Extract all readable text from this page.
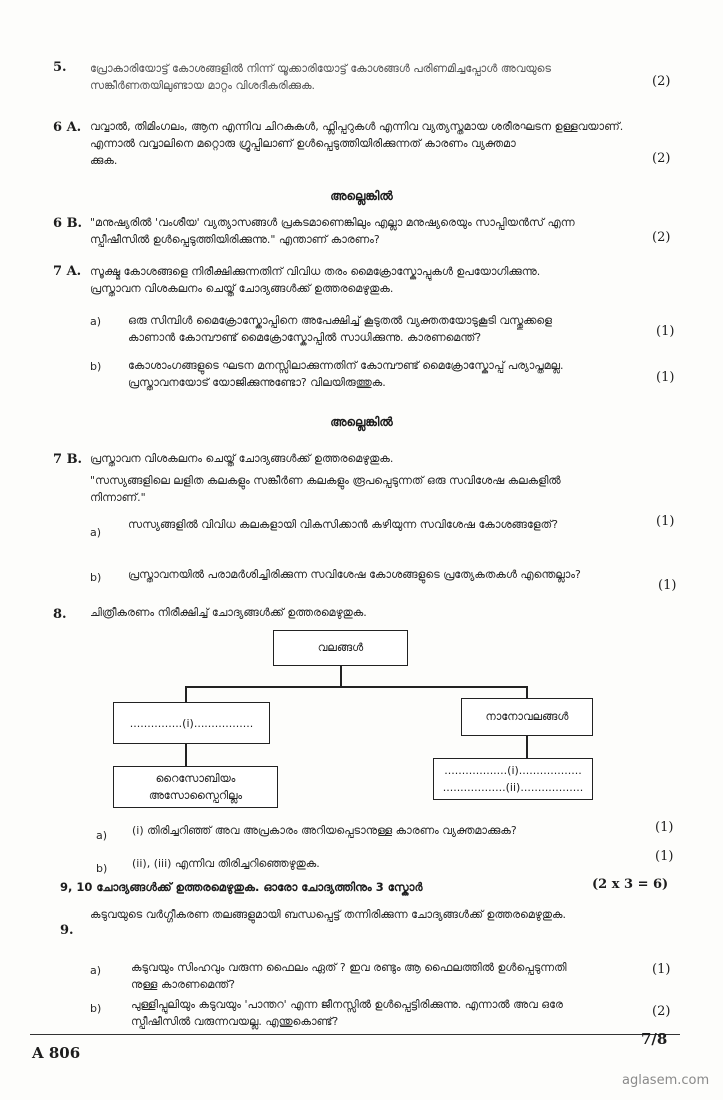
5. പ്രോകാരിയോട്ട് കോശങ്ങളിൽ നിന്ന് യൂക്കാരിയോട്ട് കോശങ്ങൾ പരിണമിച്ചപ്പോൾ അവയുടെ
സങ്കീർണതയിലുണ്ടായ മാറ്റം വിശദീകരിക്കുക.	(2)
6 A. വവ്വാൽ, തിമിംഗലം, ആന എന്നിവ ചിറകുകൾ, ഫ്ലിപ്പറുകൾ എന്നിവ വ്യത്യസ്തമായ ശരീരഘടന ഉള്ളവയാണ്.
എന്നാൽ വവ്വാലിനെ മറ്റൊരു ഗ്രൂപ്പിലാണ് ഉൾപ്പെടുത്തിയിരിക്കുന്നത് കാരണം വ്യക്തമാ
ക്കുക.	(2)
അല്ലെങ്കിൽ
6 B. "മനുഷ്യരിൽ 'വംശീയ' വ്യത്യാസങ്ങൾ പ്രകടമാണെങ്കിലും എല്ലാ മനുഷ്യരെയും സാപ്പിയൻസ് എന്ന
സ്പീഷീസിൽ ഉൾപ്പെടുത്തിയിരിക്കുന്നു." എന്താണ് കാരണം?	(2)
7 A. സൂക്ഷ്മ കോശങ്ങളെ നിരീക്ഷിക്കുന്നതിന് വിവിധ തരം മൈക്രോസ്കോപ്പുകൾ ഉപയോഗിക്കുന്നു.
പ്രസ്താവന വിശകലനം ചെയ്ത് ചോദ്യങ്ങൾക്ക് ഉത്തരമെഴുതുക.
a) ഒരു സിമ്പിൾ മൈക്രോസ്കോപ്പിനെ അപേക്ഷിച്ച് കൂടുതൽ വ്യക്തതയോടുകൂടി വസ്തുക്കളെ
കാണാൻ കോമ്പൗണ്ട് മൈക്രോസ്കോപ്പിൽ സാധിക്കുന്നു. കാരണമെന്ത്?	(1)
b) കോശാംഗങ്ങളുടെ ഘടന മനസ്സിലാക്കുന്നതിന് കോമ്പൗണ്ട് മൈക്രോസ്കോപ്പ് പര്യാപ്തമല്ല.
പ്രസ്താവനയോട് യോജിക്കുന്നുണ്ടോ? വിലയിരുത്തുക.	(1)
അല്ലെങ്കിൽ
7 B. പ്രസ്താവന വിശകലനം ചെയ്ത് ചോദ്യങ്ങൾക്ക് ഉത്തരമെഴുതുക.
"സസ്യങ്ങളിലെ ലളിത കലകളും സങ്കീർണ കലകളും രൂപപ്പെടുന്നത് ഒരു സവിശേഷ കലകളിൽ
നിന്നാണ്."
a)
സസ്യങ്ങളിൽ വിവിധ കലകളായി വികസിക്കാൻ കഴിയുന്ന സവിശേഷ കോശങ്ങളേത്?	(1)
b) പ്രസ്താവനയിൽ പരാമർശിച്ചിരിക്കുന്ന സവിശേഷ കോശങ്ങളുടെ പ്രത്യേകതകൾ എന്തെല്ലാം?
(1)
8. ചിത്രീകരണം നിരീക്ഷിച്ച് ചോദ്യങ്ങൾക്ക് ഉത്തരമെഴുതുക.
വലങ്ങൾ
...............(i).................	നാനോവലങ്ങൾ
റൈസോബിയം
അസോസ്പൈറില്ലം
..................(i)..................
..................(ii)..................
a) (i) തിരിച്ചറിഞ്ഞ് അവ അപ്രകാരം അറിയപ്പെടാനുള്ള കാരണം വ്യക്തമാക്കുക?	(1)
b) (ii), (iii) എന്നിവ തിരിച്ചറിഞ്ഞെഴുതുക.	(1)
9, 10 ചോദ്യങ്ങൾക്ക് ഉത്തരമെഴുതുക. ഓരോ ചോദ്യത്തിനും 3 സ്കോർ	(2 x 3 = 6)
9.
കടുവയുടെ വർഗ്ഗീകരണ തലങ്ങളുമായി ബന്ധപ്പെട്ട് തന്നിരിക്കുന്ന ചോദ്യങ്ങൾക്ക് ഉത്തരമെഴുതുക.
a)	കടുവയും സിംഹവും വരുന്ന ഫൈലം ഏത് ? ഇവ രണ്ടും ആ ഫൈലത്തിൽ ഉൾപ്പെടുന്നതി
നുള്ള കാരണമെന്ത്?
(1)
b)	പുള്ളിപ്പുലിയും കടുവയും 'പാന്തറ' എന്ന ജീനസ്സിൽ ഉൾപ്പെട്ടിരിക്കുന്നു. എന്നാൽ അവ ഒരേ
സ്പീഷീസിൽ വരുന്നവയല്ല. എന്തുകൊണ്ട്?
(2)
A 806
7/8
aglasem.com
